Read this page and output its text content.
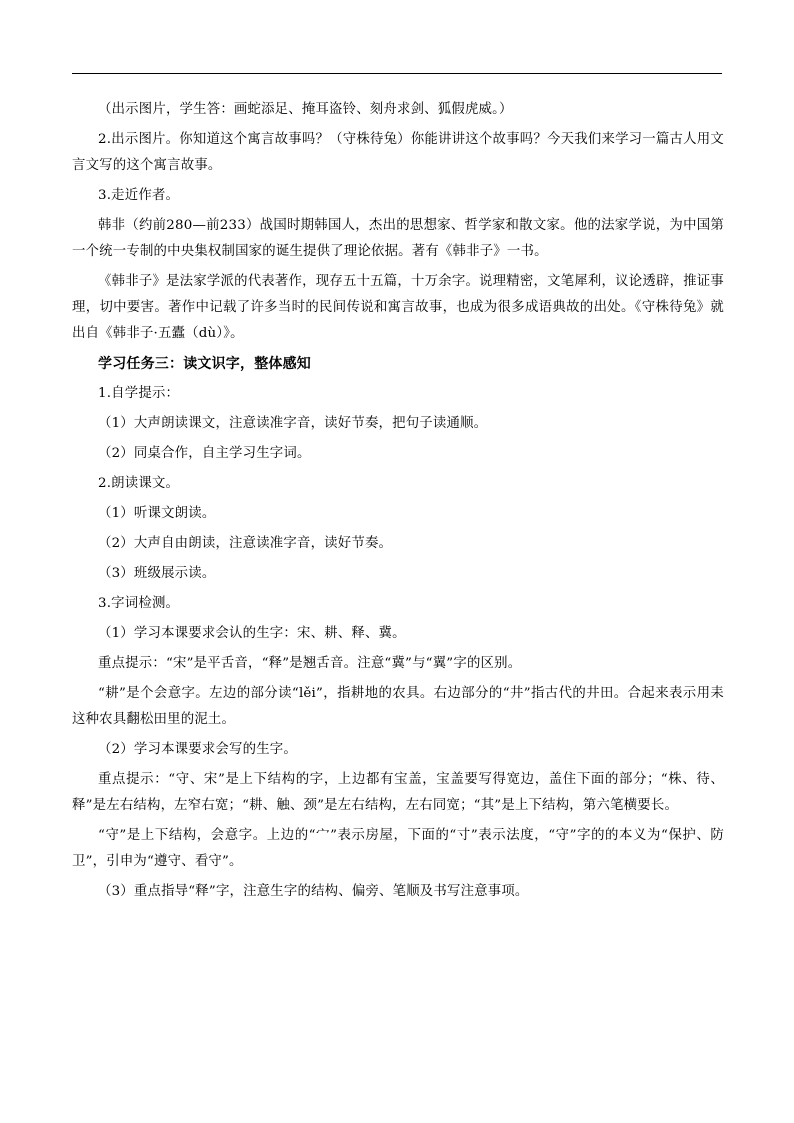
（出示图片，学生答：画蛇添足、掩耳盗铃、刻舟求剑、狐假虎威。）

2.出示图片。你知道这个寓言故事吗？（守株待兔）你能讲讲这个故事吗？今天我们来学习一篇古人用文言文写的这个寓言故事。

3.走近作者。

韩非（约前280—前233）战国时期韩国人，杰出的思想家、哲学家和散文家。他的法家学说，为中国第一个统一专制的中央集权制国家的诞生提供了理论依据。著有《韩非子》一书。

《韩非子》是法家学派的代表著作，现存五十五篇，十万余字。说理精密，文笔犀利，议论透辟，推证事理，切中要害。著作中记载了许多当时的民间传说和寓言故事，也成为很多成语典故的出处。《守株待兔》就出自《韩非子·五蠹（dù）》。

学习任务三：读文识字，整体感知

1.自学提示：

（1）大声朗读课文，注意读准字音，读好节奏，把句子读通顺。

（2）同桌合作，自主学习生字词。

2.朗读课文。

（1）听课文朗读。

（2）大声自由朗读，注意读准字音，读好节奏。

（3）班级展示读。

3.字词检测。

（1）学习本课要求会认的生字：宋、耕、释、冀。

重点提示：“宋”是平舌音，“释”是翘舌音。注意“冀”与“翼”字的区别。

“耕”是个会意字。左边的部分读“lěi”，指耕地的农具。右边部分的“井”指古代的井田。合起来表示用耒这种农具翻松田里的泥土。

（2）学习本课要求会写的生字。

重点提示：“守、宋”是上下结构的字，上边都有宝盖，宝盖要写得宽边，盖住下面的部分；“株、待、释”是左右结构，左窄右宽；“耕、触、颈”是左右结构，左右同宽；“其”是上下结构，第六笔横要长。

“守”是上下结构，会意字。上边的“宀”表示房屋，下面的“寸”表示法度，“守”字的的本义为“保护、防卫”，引申为“遵守、看守”。

（3）重点指导“释”字，注意生字的结构、偏旁、笔顺及书写注意事项。
